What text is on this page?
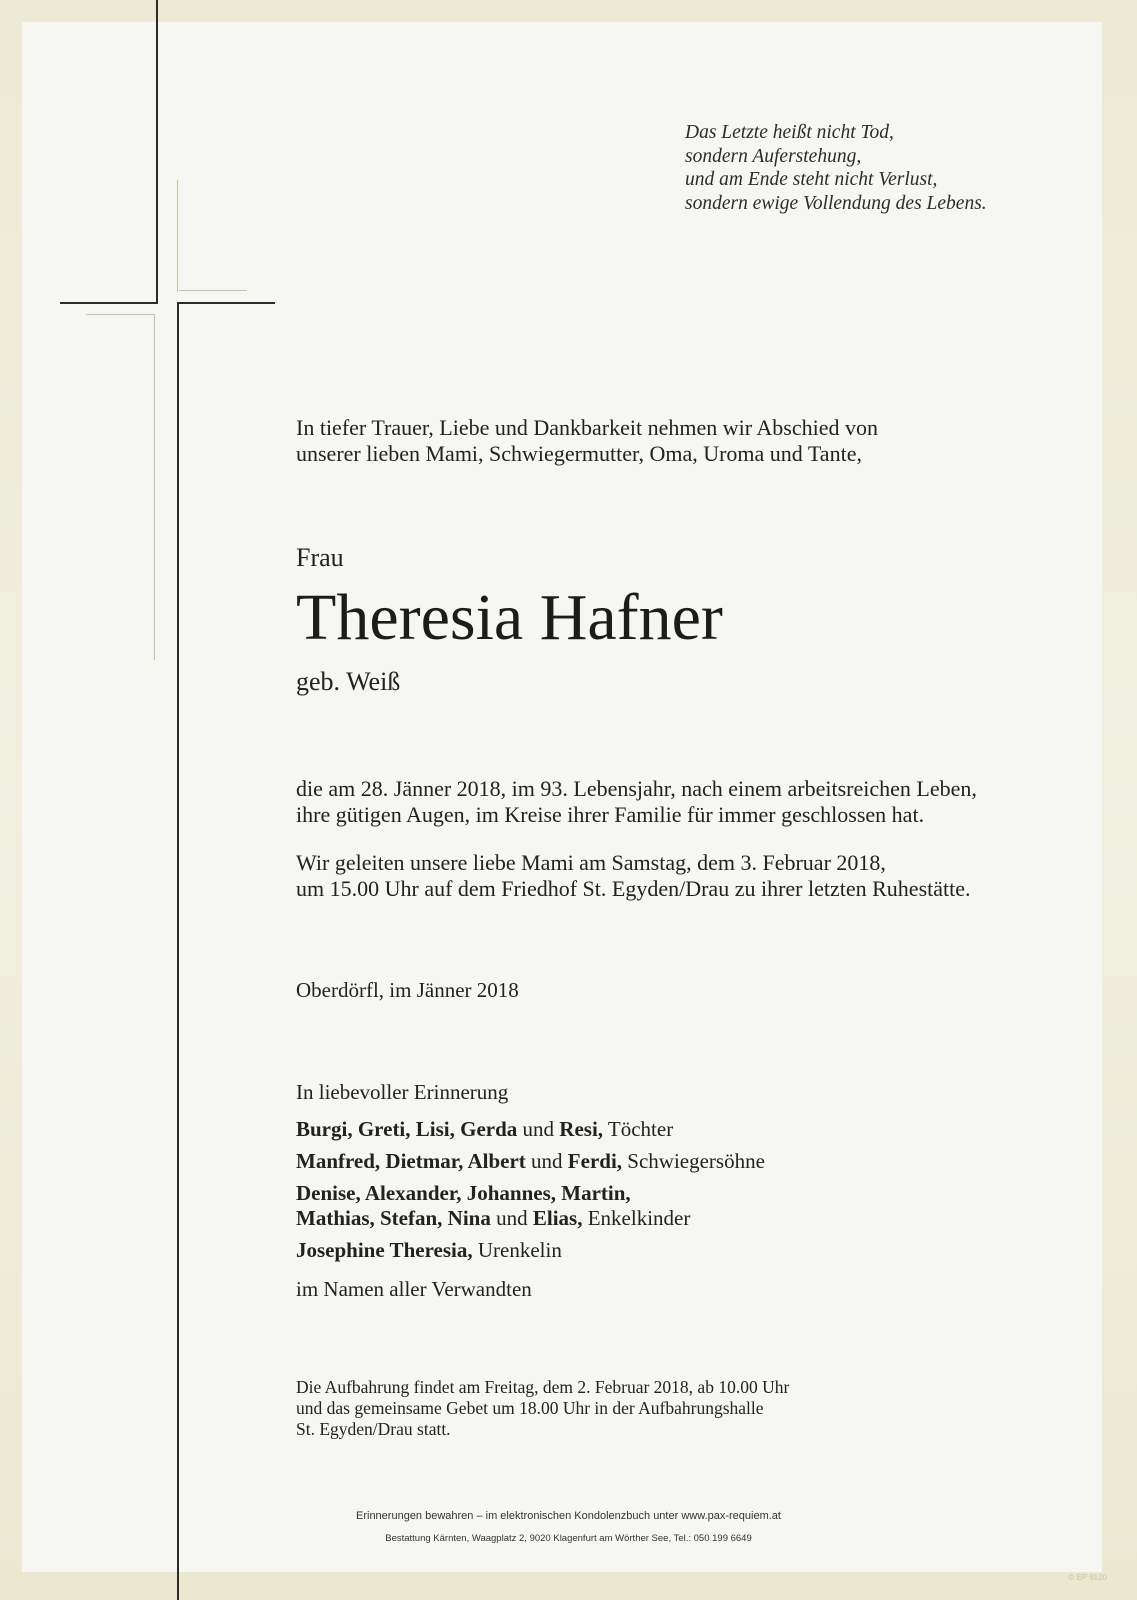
Das Letzte heißt nicht Tod,
sondern Auferstehung,
und am Ende steht nicht Verlust,
sondern ewige Vollendung des Lebens.
In tiefer Trauer, Liebe und Dankbarkeit nehmen wir Abschied von
unserer lieben Mami, Schwiegermutter, Oma, Uroma und Tante,
Frau
Theresia Hafner
geb. Weiß
die am 28. Jänner 2018, im 93. Lebensjahr, nach einem arbeitsreichen Leben,
ihre gütigen Augen, im Kreise ihrer Familie für immer geschlossen hat.
Wir geleiten unsere liebe Mami am Samstag, dem 3. Februar 2018,
um 15.00 Uhr auf dem Friedhof St. Egyden/Drau zu ihrer letzten Ruhestätte.
Oberdörfl, im Jänner 2018
In liebevoller Erinnerung
Burgi, Greti, Lisi, Gerda und Resi, Töchter
Manfred, Dietmar, Albert und Ferdi, Schwiegersöhne
Denise, Alexander, Johannes, Martin,
Mathias, Stefan, Nina und Elias, Enkelkinder
Josephine Theresia, Urenkelin
im Namen aller Verwandten
Die Aufbahrung findet am Freitag, dem 2. Februar 2018, ab 10.00 Uhr
und das gemeinsame Gebet um 18.00 Uhr in der Aufbahrungshalle
St. Egyden/Drau statt.
Erinnerungen bewahren – im elektronischen Kondolenzbuch unter www.pax-requiem.at
Bestattung Kärnten, Waagplatz 2, 9020 Klagenfurt am Wörther See, Tel.: 050 199 6649
© EP 9120
